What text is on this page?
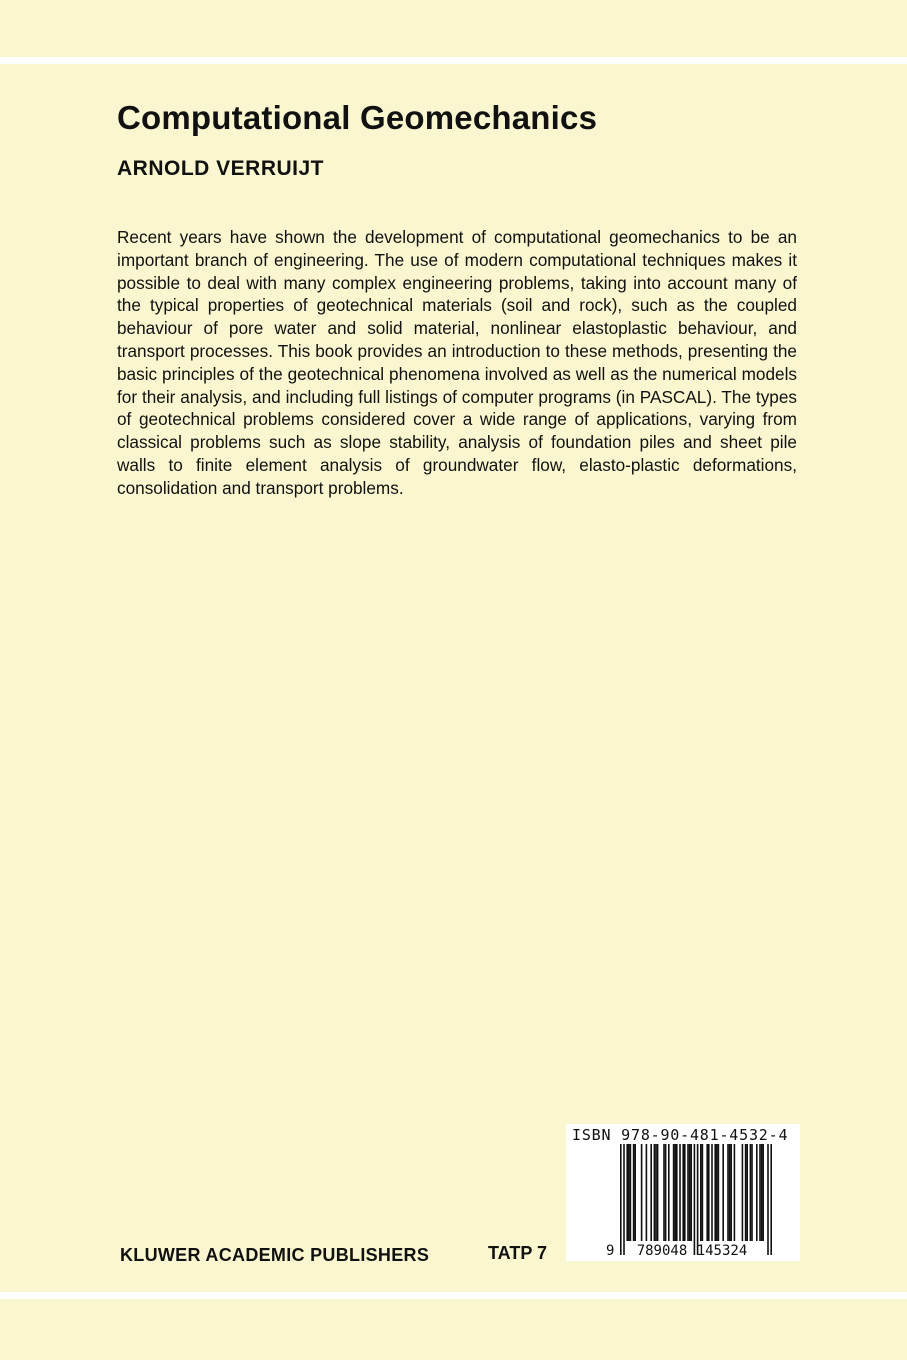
Computational Geomechanics
ARNOLD VERRUIJT

Recent years have shown the development of computational geomechanics to be an important branch of engineering. The use of modern computational techniques makes it possible to deal with many complex engineering problems, taking into account many of the typical properties of geotechnical materials (soil and rock), such as the coupled behaviour of pore water and solid material, nonlinear elastoplastic behaviour, and transport processes. This book provides an introduction to these methods, presenting the basic principles of the geotechnical phenomena involved as well as the numerical models for their analysis, and including full listings of computer programs (in PASCAL). The types of geotechnical problems considered cover a wide range of applications, varying from classical problems such as slope stability, analysis of foundation piles and sheet pile walls to finite element analysis of groundwater flow, elasto-plastic deformations, consolidation and transport problems.

KLUWER ACADEMIC PUBLISHERS	TATP 7
ISBN 978-90-481-4532-4
9 789048 145324
